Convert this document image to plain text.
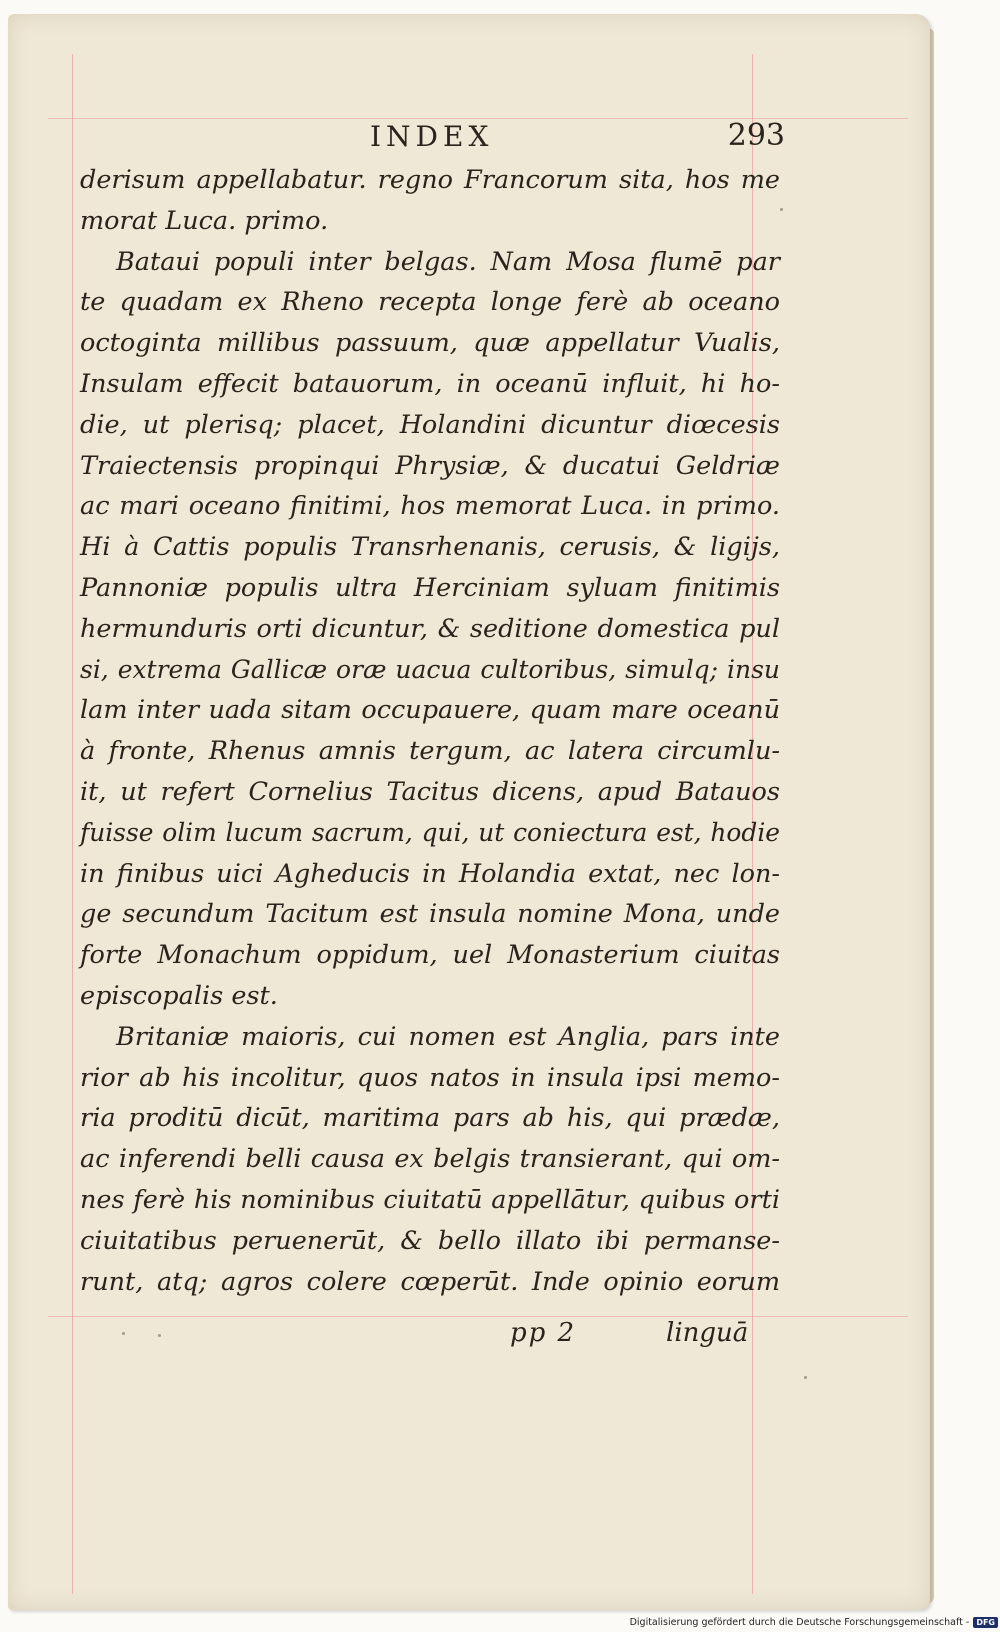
INDEX	293
derisum appellabatur. regno Francorum sita, hos me
morat Luca. primo.
Bataui populi inter belgas. Nam Mosa flumē par
te quadam ex Rheno recepta longe ferè ab oceano
octoginta millibus passuum, quæ appellatur Vualis,
Insulam effecit batauorum, in oceanū influit, hi ho-
die, ut plerisq; placet, Holandini dicuntur diœcesis
Traiectensis propinqui Phrysiæ, & ducatui Geldriæ
ac mari oceano finitimi, hos memorat Luca. in primo.
Hi à Cattis populis Transrhenanis, cerusis, & ligijs,
Pannoniæ populis ultra Herciniam syluam finitimis
hermunduris orti dicuntur, & seditione domestica pul
si, extrema Gallicæ oræ uacua cultoribus, simulq; insu
lam inter uada sitam occupauere, quam mare oceanū
à fronte, Rhenus amnis tergum, ac latera circumlu-
it, ut refert Cornelius Tacitus dicens, apud Batauos
fuisse olim lucum sacrum, qui, ut coniectura est, hodie
in finibus uici Agheducis in Holandia extat, nec lon-
ge secundum Tacitum est insula nomine Mona, unde
forte Monachum oppidum, uel Monasterium ciuitas
episcopalis est.
Britaniæ maioris, cui nomen est Anglia, pars inte
rior ab his incolitur, quos natos in insula ipsi memo-
ria proditū dicūt, maritima pars ab his, qui prædæ,
ac inferendi belli causa ex belgis transierant, qui om-
nes ferè his nominibus ciuitatū appellātur, quibus orti
ciuitatibus peruenerūt, & bello illato ibi permanse-
runt, atq; agros colere cœperūt. Inde opinio eorum
pp 2	linguā
Digitalisierung gefördert durch die Deutsche Forschungsgemeinschaft - DFG
